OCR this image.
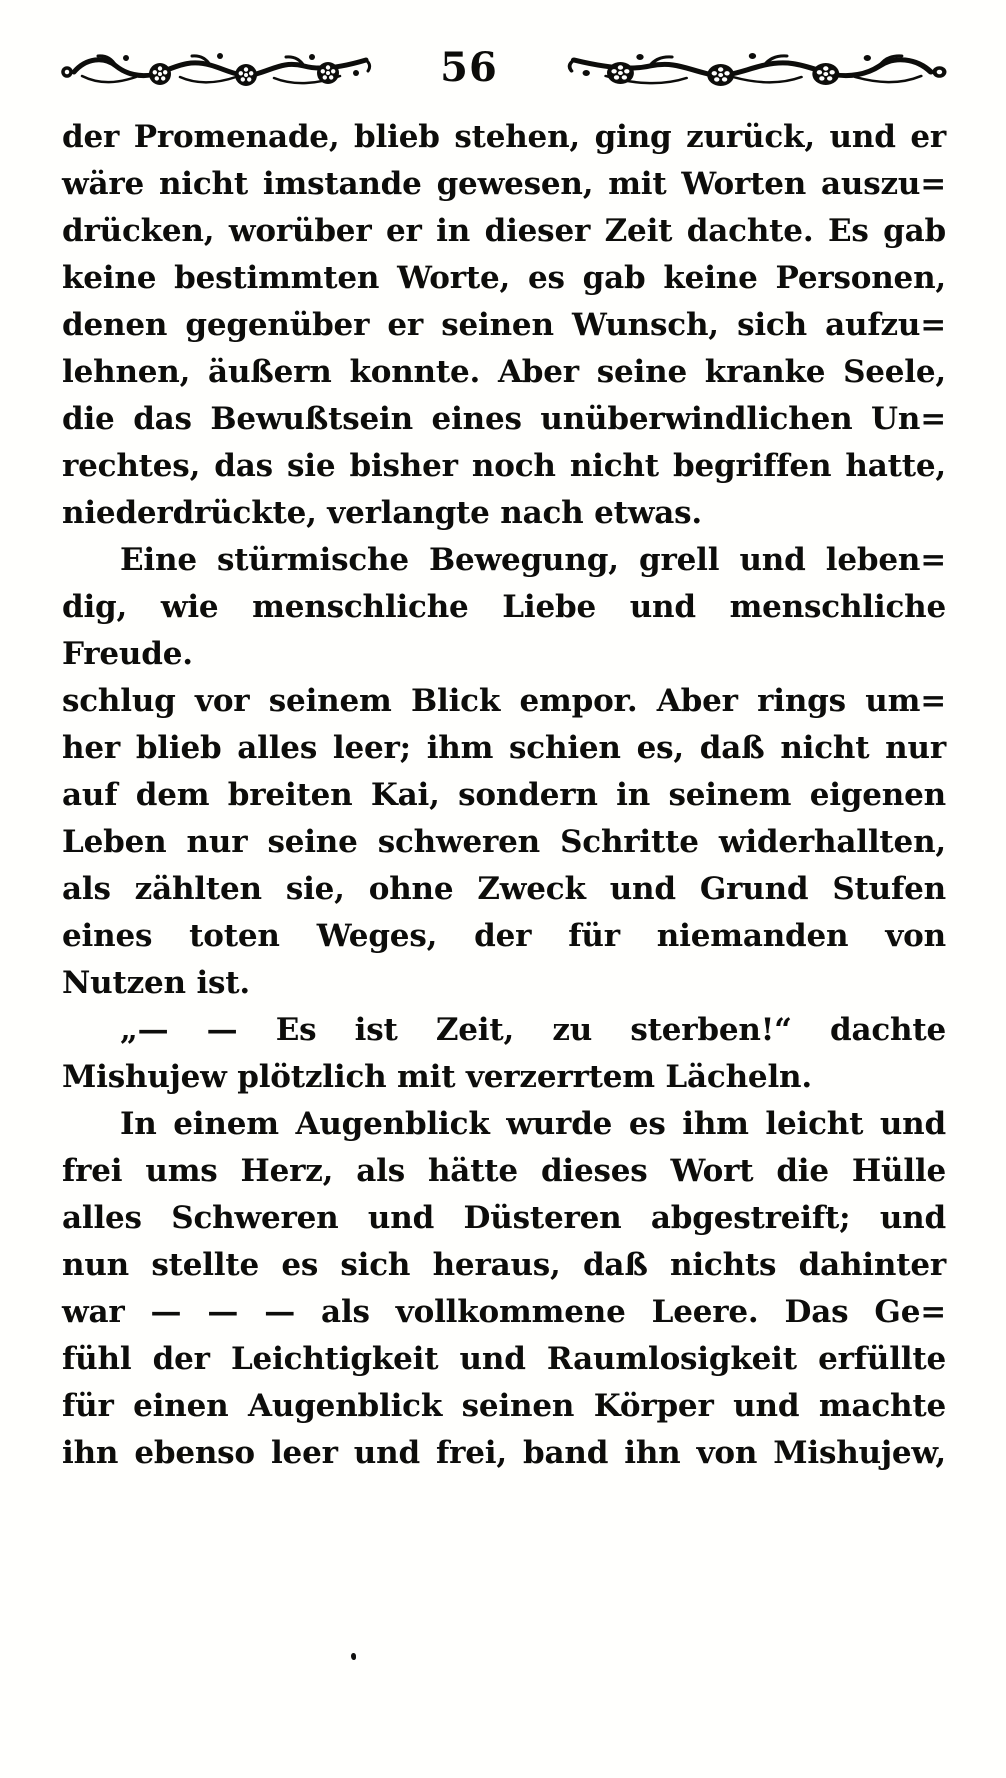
56
der Promenade, blieb stehen, ging zurück, und er
wäre nicht imstande gewesen, mit Worten auszu=
drücken, worüber er in dieser Zeit dachte. Es gab
keine bestimmten Worte, es gab keine Personen,
denen gegenüber er seinen Wunsch, sich aufzu=
lehnen, äußern konnte. Aber seine kranke Seele,
die das Bewußtsein eines unüberwindlichen Un=
rechtes, das sie bisher noch nicht begriffen hatte,
niederdrückte, verlangte nach etwas.
Eine stürmische Bewegung, grell und leben=
dig, wie menschliche Liebe und menschliche Freude.
schlug vor seinem Blick empor. Aber rings um=
her blieb alles leer; ihm schien es, daß nicht nur
auf dem breiten Kai, sondern in seinem eigenen
Leben nur seine schweren Schritte widerhallten,
als zählten sie, ohne Zweck und Grund Stufen
eines toten Weges, der für niemanden von
Nutzen ist.
„— — Es ist Zeit, zu sterben!“ dachte
Mishujew plötzlich mit verzerrtem Lächeln.
In einem Augenblick wurde es ihm leicht und
frei ums Herz, als hätte dieses Wort die Hülle
alles Schweren und Düsteren abgestreift; und
nun stellte es sich heraus, daß nichts dahinter
war — — — als vollkommene Leere. Das Ge=
fühl der Leichtigkeit und Raumlosigkeit erfüllte
für einen Augenblick seinen Körper und machte
ihn ebenso leer und frei, band ihn von Mishujew,
